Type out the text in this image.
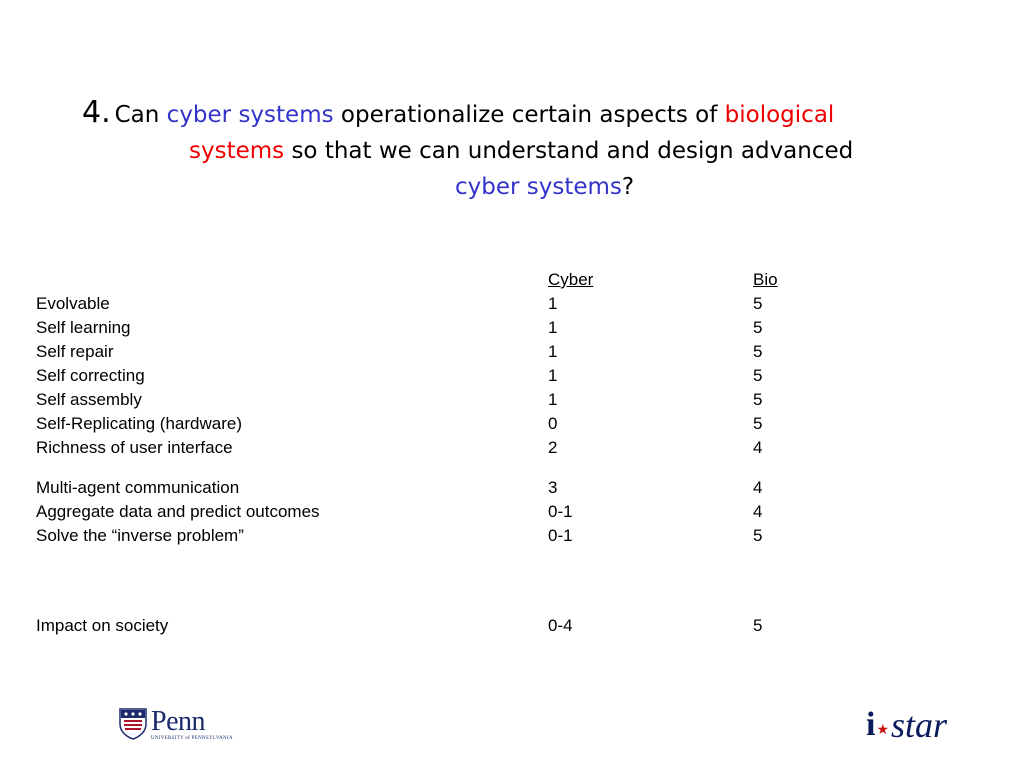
4. Can cyber systems operationalize certain aspects of biological
systems so that we can understand and design advanced
cyber systems?
Cyber	Bio
Evolvable	1	5
Self learning	1	5
Self repair	1	5
Self correcting	1	5
Self assembly	1	5
Self-Replicating (hardware)	0	5
Richness of user interface	2	4
Multi-agent communication	3	4
Aggregate data and predict outcomes	0-1	4
Solve the “inverse problem”	0-1	5
Impact on society	0-4	5
Penn
UNIVERSITY of PENNSYLVANIA	i ★ star
